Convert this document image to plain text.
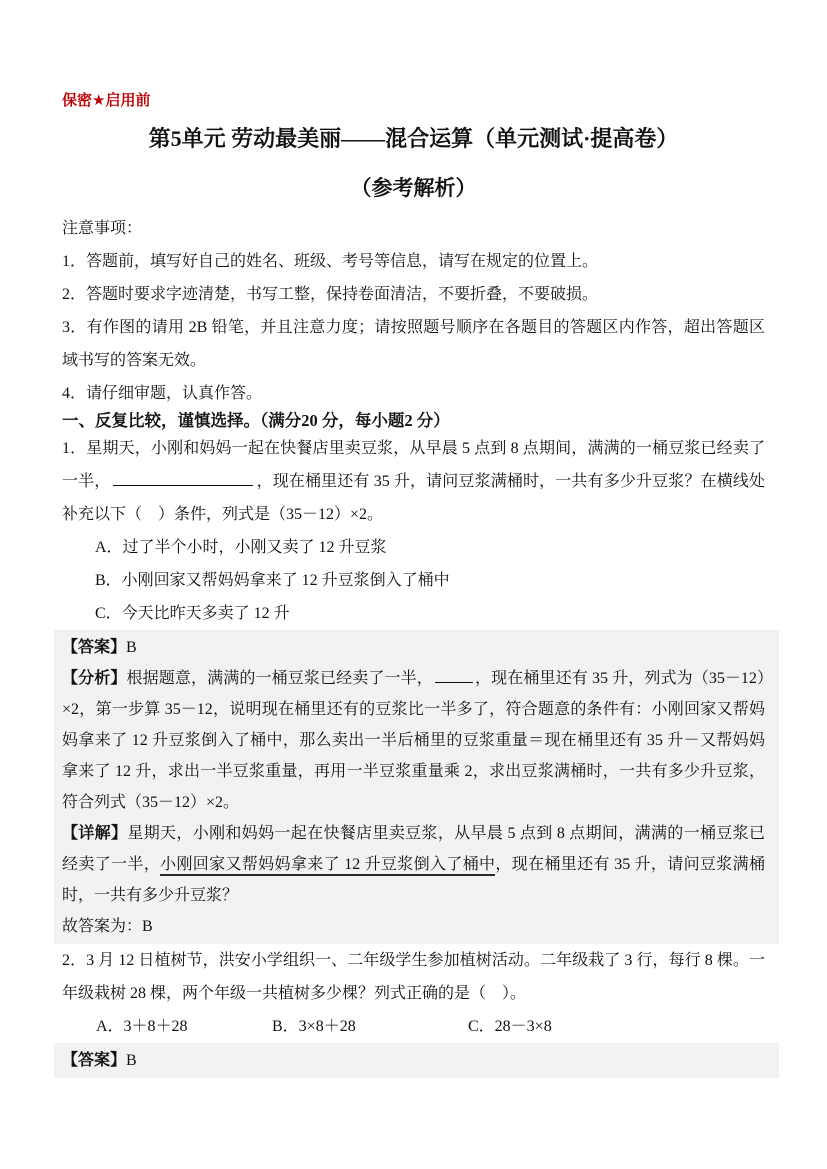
保密★启用前
第5单元 劳动最美丽——混合运算（单元测试·提高卷）
（参考解析）

注意事项：

1．答题前，填写好自己的姓名、班级、考号等信息，请写在规定的位置上。

2．答题时要求字迹清楚，书写工整，保持卷面清洁，不要折叠，不要破损。

3．有作图的请用 2B 铅笔，并且注意力度；请按照题号顺序在各题目的答题区内作答，超出答题区域书写的答案无效。

4．请仔细审题，认真作答。

一、反复比较，谨慎选择。（满分20 分，每小题2 分）

1．星期天，小刚和妈妈一起在快餐店里卖豆浆，从早晨 5 点到 8 点期间，满满的一桶豆浆已经卖了一半，	，现在桶里还有 35 升，请问豆浆满桶时，一共有多少升豆浆？在横线处补充以下（　）条件，列式是（35－12）×2。

A．过了半个小时，小刚又卖了 12 升豆浆

B．小刚回家又帮妈妈拿来了 12 升豆浆倒入了桶中

C．今天比昨天多卖了 12 升

【答案】B

【分析】根据题意，满满的一桶豆浆已经卖了一半，	，现在桶里还有 35 升，列式为（35－12）×2，第一步算 35－12，说明现在桶里还有的豆浆比一半多了，符合题意的条件有：小刚回家又帮妈妈拿来了 12 升豆浆倒入了桶中，那么卖出一半后桶里的豆浆重量＝现在桶里还有 35 升－又帮妈妈拿来了 12 升，求出一半豆浆重量，再用一半豆浆重量乘 2，求出豆浆满桶时，一共有多少升豆浆，符合列式（35－12）×2。

【详解】星期天，小刚和妈妈一起在快餐店里卖豆浆，从早晨 5 点到 8 点期间，满满的一桶豆浆已经卖了一半，小刚回家又帮妈妈拿来了 12 升豆浆倒入了桶中，现在桶里还有 35 升，请问豆浆满桶时，一共有多少升豆浆？

故答案为：B

2．3 月 12 日植树节，洪安小学组织一、二年级学生参加植树活动。二年级栽了 3 行，每行 8 棵。一年级栽树 28 棵，两个年级一共植树多少棵？列式正确的是（　）。

A．3＋8＋28	B．3×8＋28	C．28－3×8

【答案】B
